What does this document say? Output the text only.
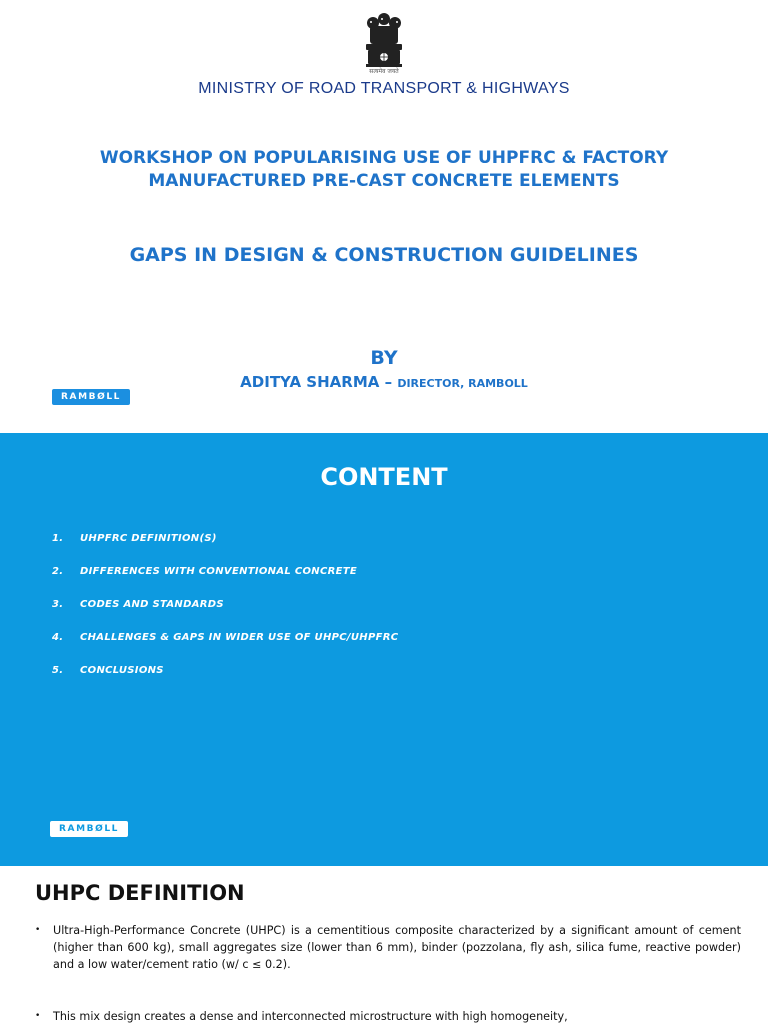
सत्यमेव जयते
MINISTRY OF ROAD TRANSPORT & HIGHWAYS
WORKSHOP ON POPULARISING USE OF UHPFRC & FACTORY
MANUFACTURED PRE-CAST CONCRETE ELEMENTS
GAPS IN DESIGN & CONSTRUCTION GUIDELINES
BY
ADITYA SHARMA – DIRECTOR, RAMBOLL
RAMBØLL
CONTENT
1.	UHPFRC DEFINITION(S)
2.	DIFFERENCES WITH CONVENTIONAL CONCRETE
3.	CODES AND STANDARDS
4.	CHALLENGES & GAPS IN WIDER USE OF UHPC/UHPFRC
5.	CONCLUSIONS
RAMBØLL
UHPC DEFINITION
•	Ultra-High-Performance Concrete (UHPC) is a cementitious composite characterized by a significant amount of cement (higher than 600 kg), small aggregates size (lower than 6 mm), binder (pozzolana, fly ash, silica fume, reactive powder) and a low water/cement ratio (w/ c ≤ 0.2).
•	This mix design creates a dense and interconnected microstructure with high homogeneity,
